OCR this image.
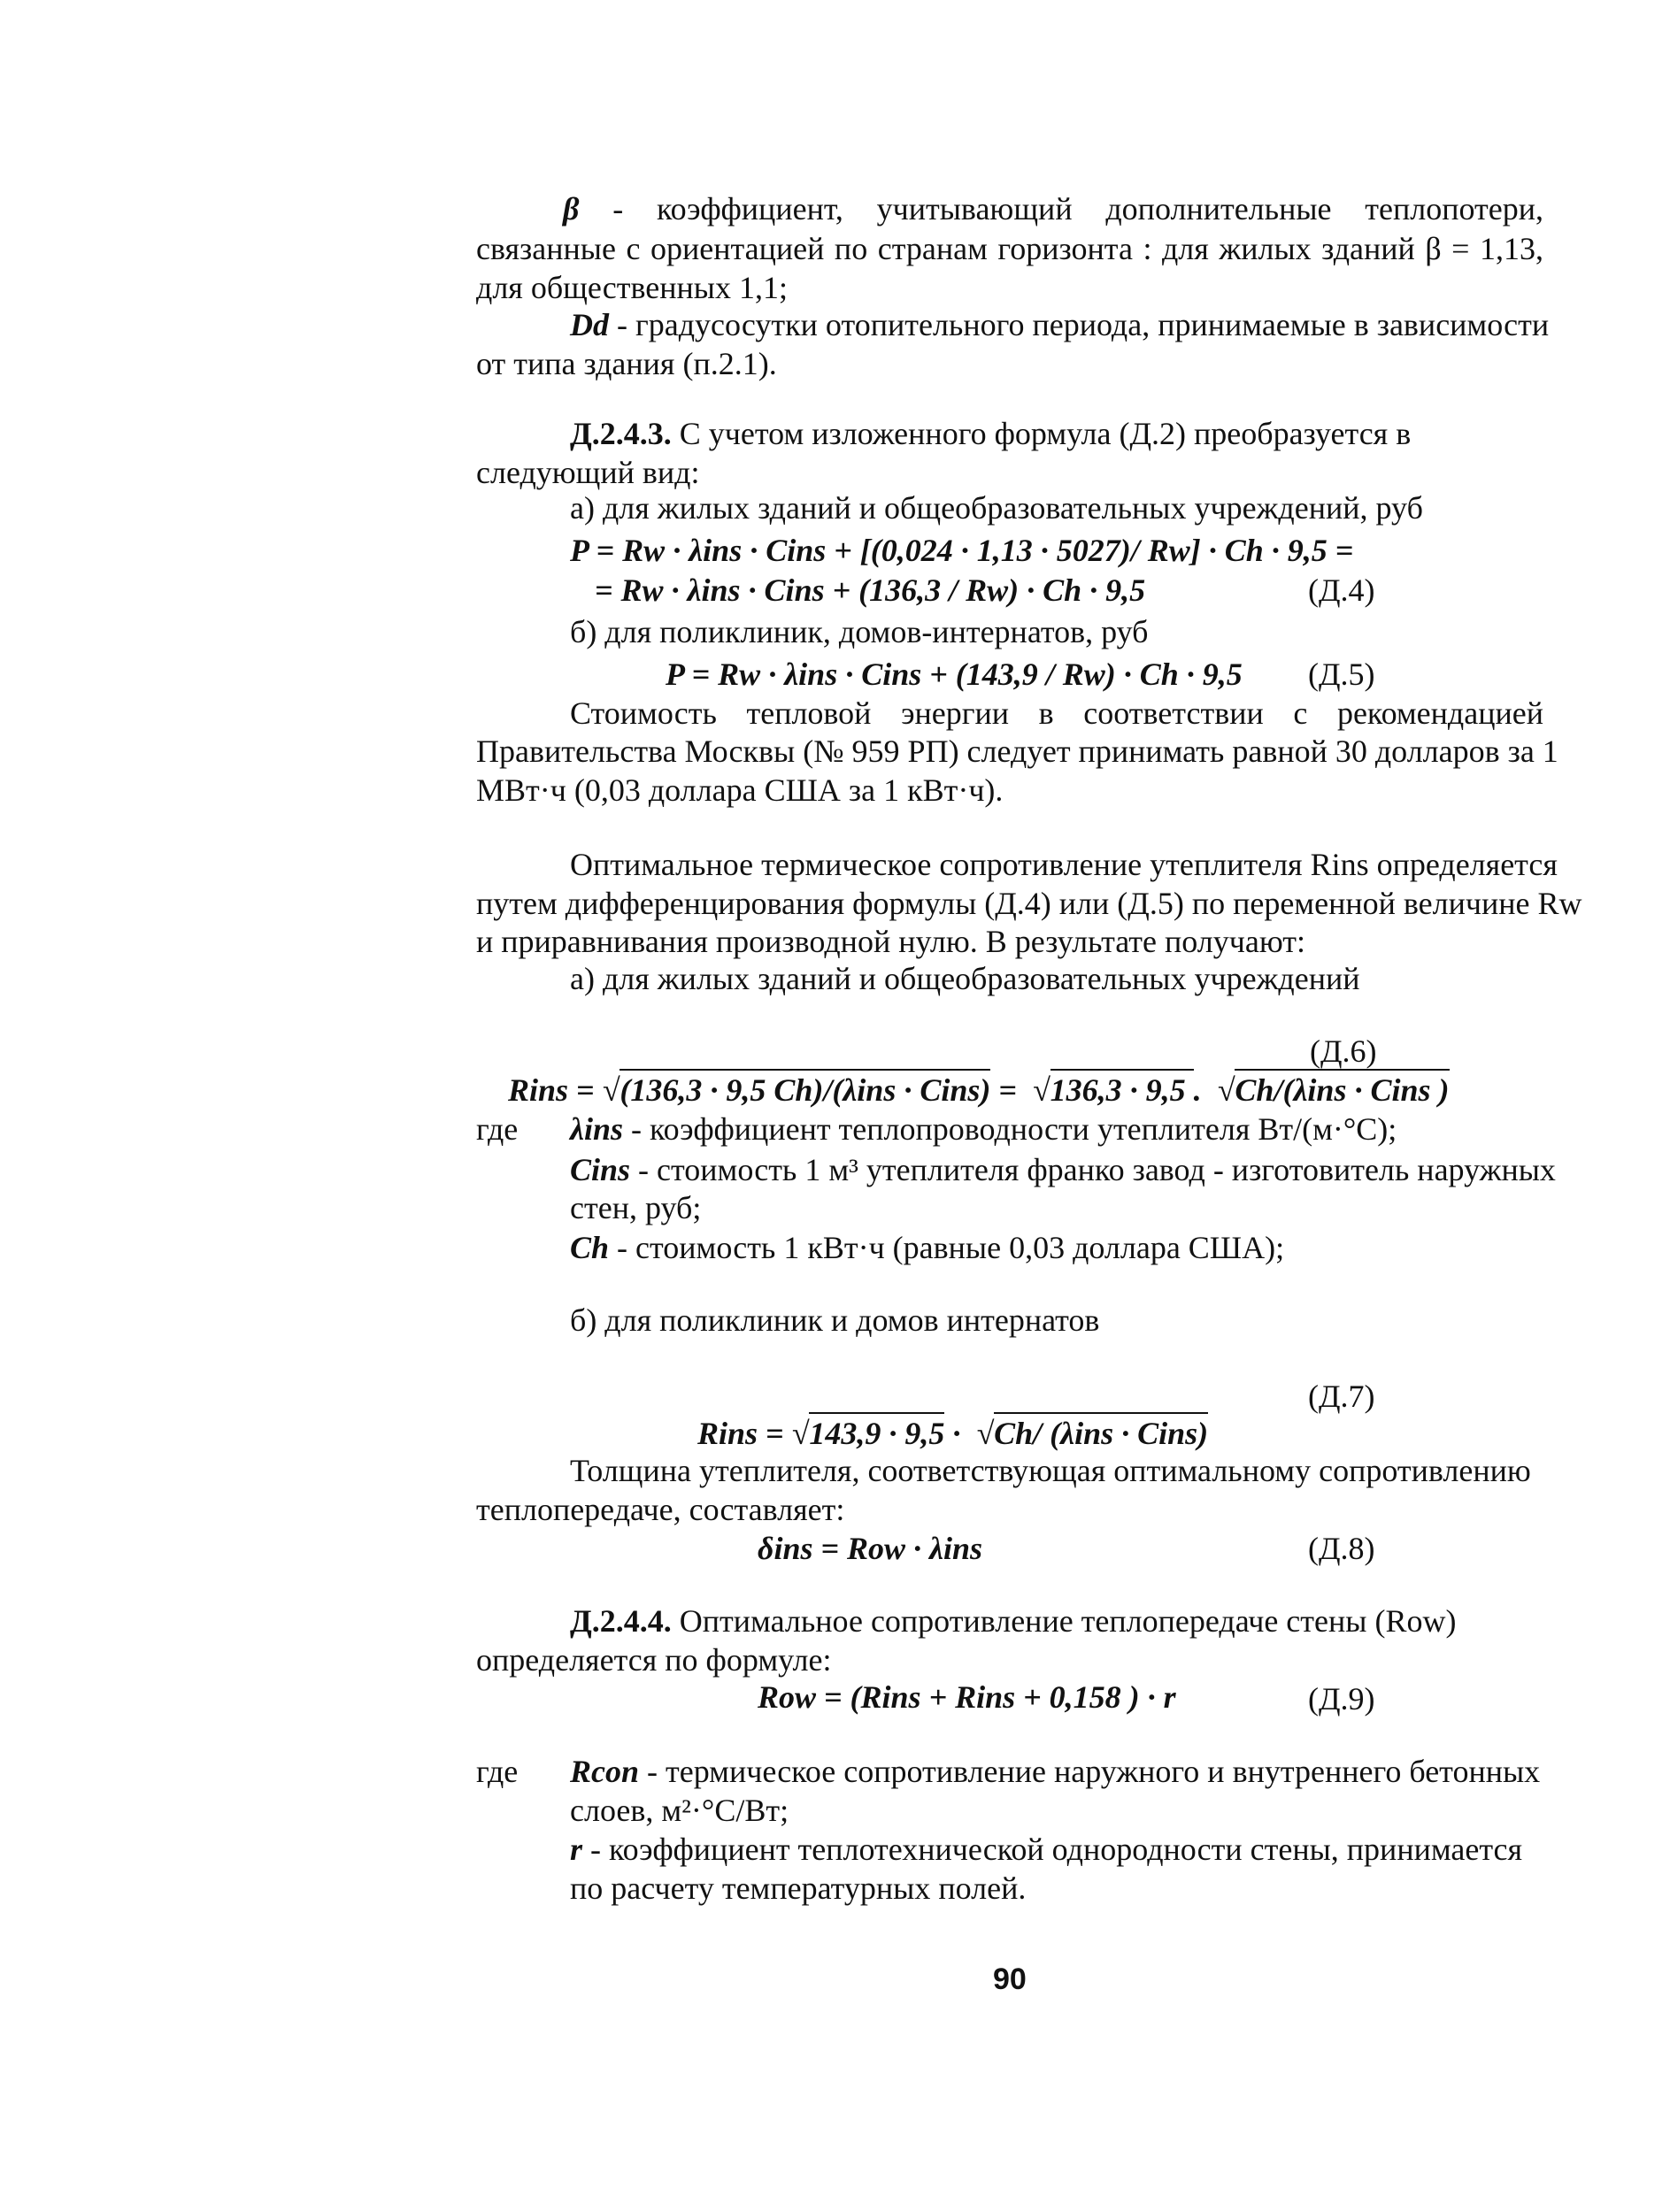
β - коэффициент, учитывающий дополнительные теплопотери,
связанные с ориентацией по странам горизонта : для жилых зданий β = 1,13,
для общественных 1,1;
Dd - градусосутки отопительного периода, принимаемые в зависимости
от типа здания (п.2.1).
Д.2.4.3. С учетом изложенного формула (Д.2) преобразуется в
следующий вид:
а) для жилых зданий и общеобразовательных учреждений, руб
P = Rw · λins · Cins + [(0,024 · 1,13 · 5027)/ Rw] · Ch · 9,5 =
= Rw · λins · Cins + (136,3 / Rw) · Ch · 9,5	(Д.4)
б) для поликлиник, домов-интернатов, руб
P = Rw · λins · Cins + (143,9 / Rw) · Ch · 9,5 (Д.5)
Стоимость тепловой энергии в соответствии с рекомендацией
Правительства Москвы (№ 959 РП) следует принимать равной 30 долларов за 1
МВт·ч (0,03 доллара США за 1 кВт·ч).
Оптимальное термическое сопротивление утеплителя Rins определяется
путем дифференцирования формулы (Д.4) или (Д.5) по переменной величине Rw
и приравнивания производной нулю. В результате получают:
а) для жилых зданий и общеобразовательных учреждений

Rins = √(136,3 · 9,5 Ch)/(λins · Cins) =  √136,3 · 9,5 .  √Ch/(λins · Cins )

(Д.6)
где λins - коэффициент теплопроводности утеплителя Вт/(м·°С);
Cins - стоимость 1 м³ утеплителя франко завод - изготовитель наружных
стен, руб;
Ch - стоимость 1 кВт·ч (равные 0,03 доллара США);
б) для поликлиник и домов интернатов

Rins = √143,9 · 9,5 ·  √Ch/ (λins · Cins)

(Д.7)
Толщина утеплителя, соответствующая оптимальному сопротивлению
теплопередаче, составляет:
δins = Row · λins	(Д.8)
Д.2.4.4. Оптимальное сопротивление теплопередаче стены (Row)
определяется по формуле:
Row = (Rins + Rins + 0,158 ) · r	(Д.9)
где Rcon - термическое сопротивление наружного и внутреннего бетонных
слоев, м²·°С/Вт;
r - коэффициент теплотехнической однородности стены, принимается
по расчету температурных полей.
90
